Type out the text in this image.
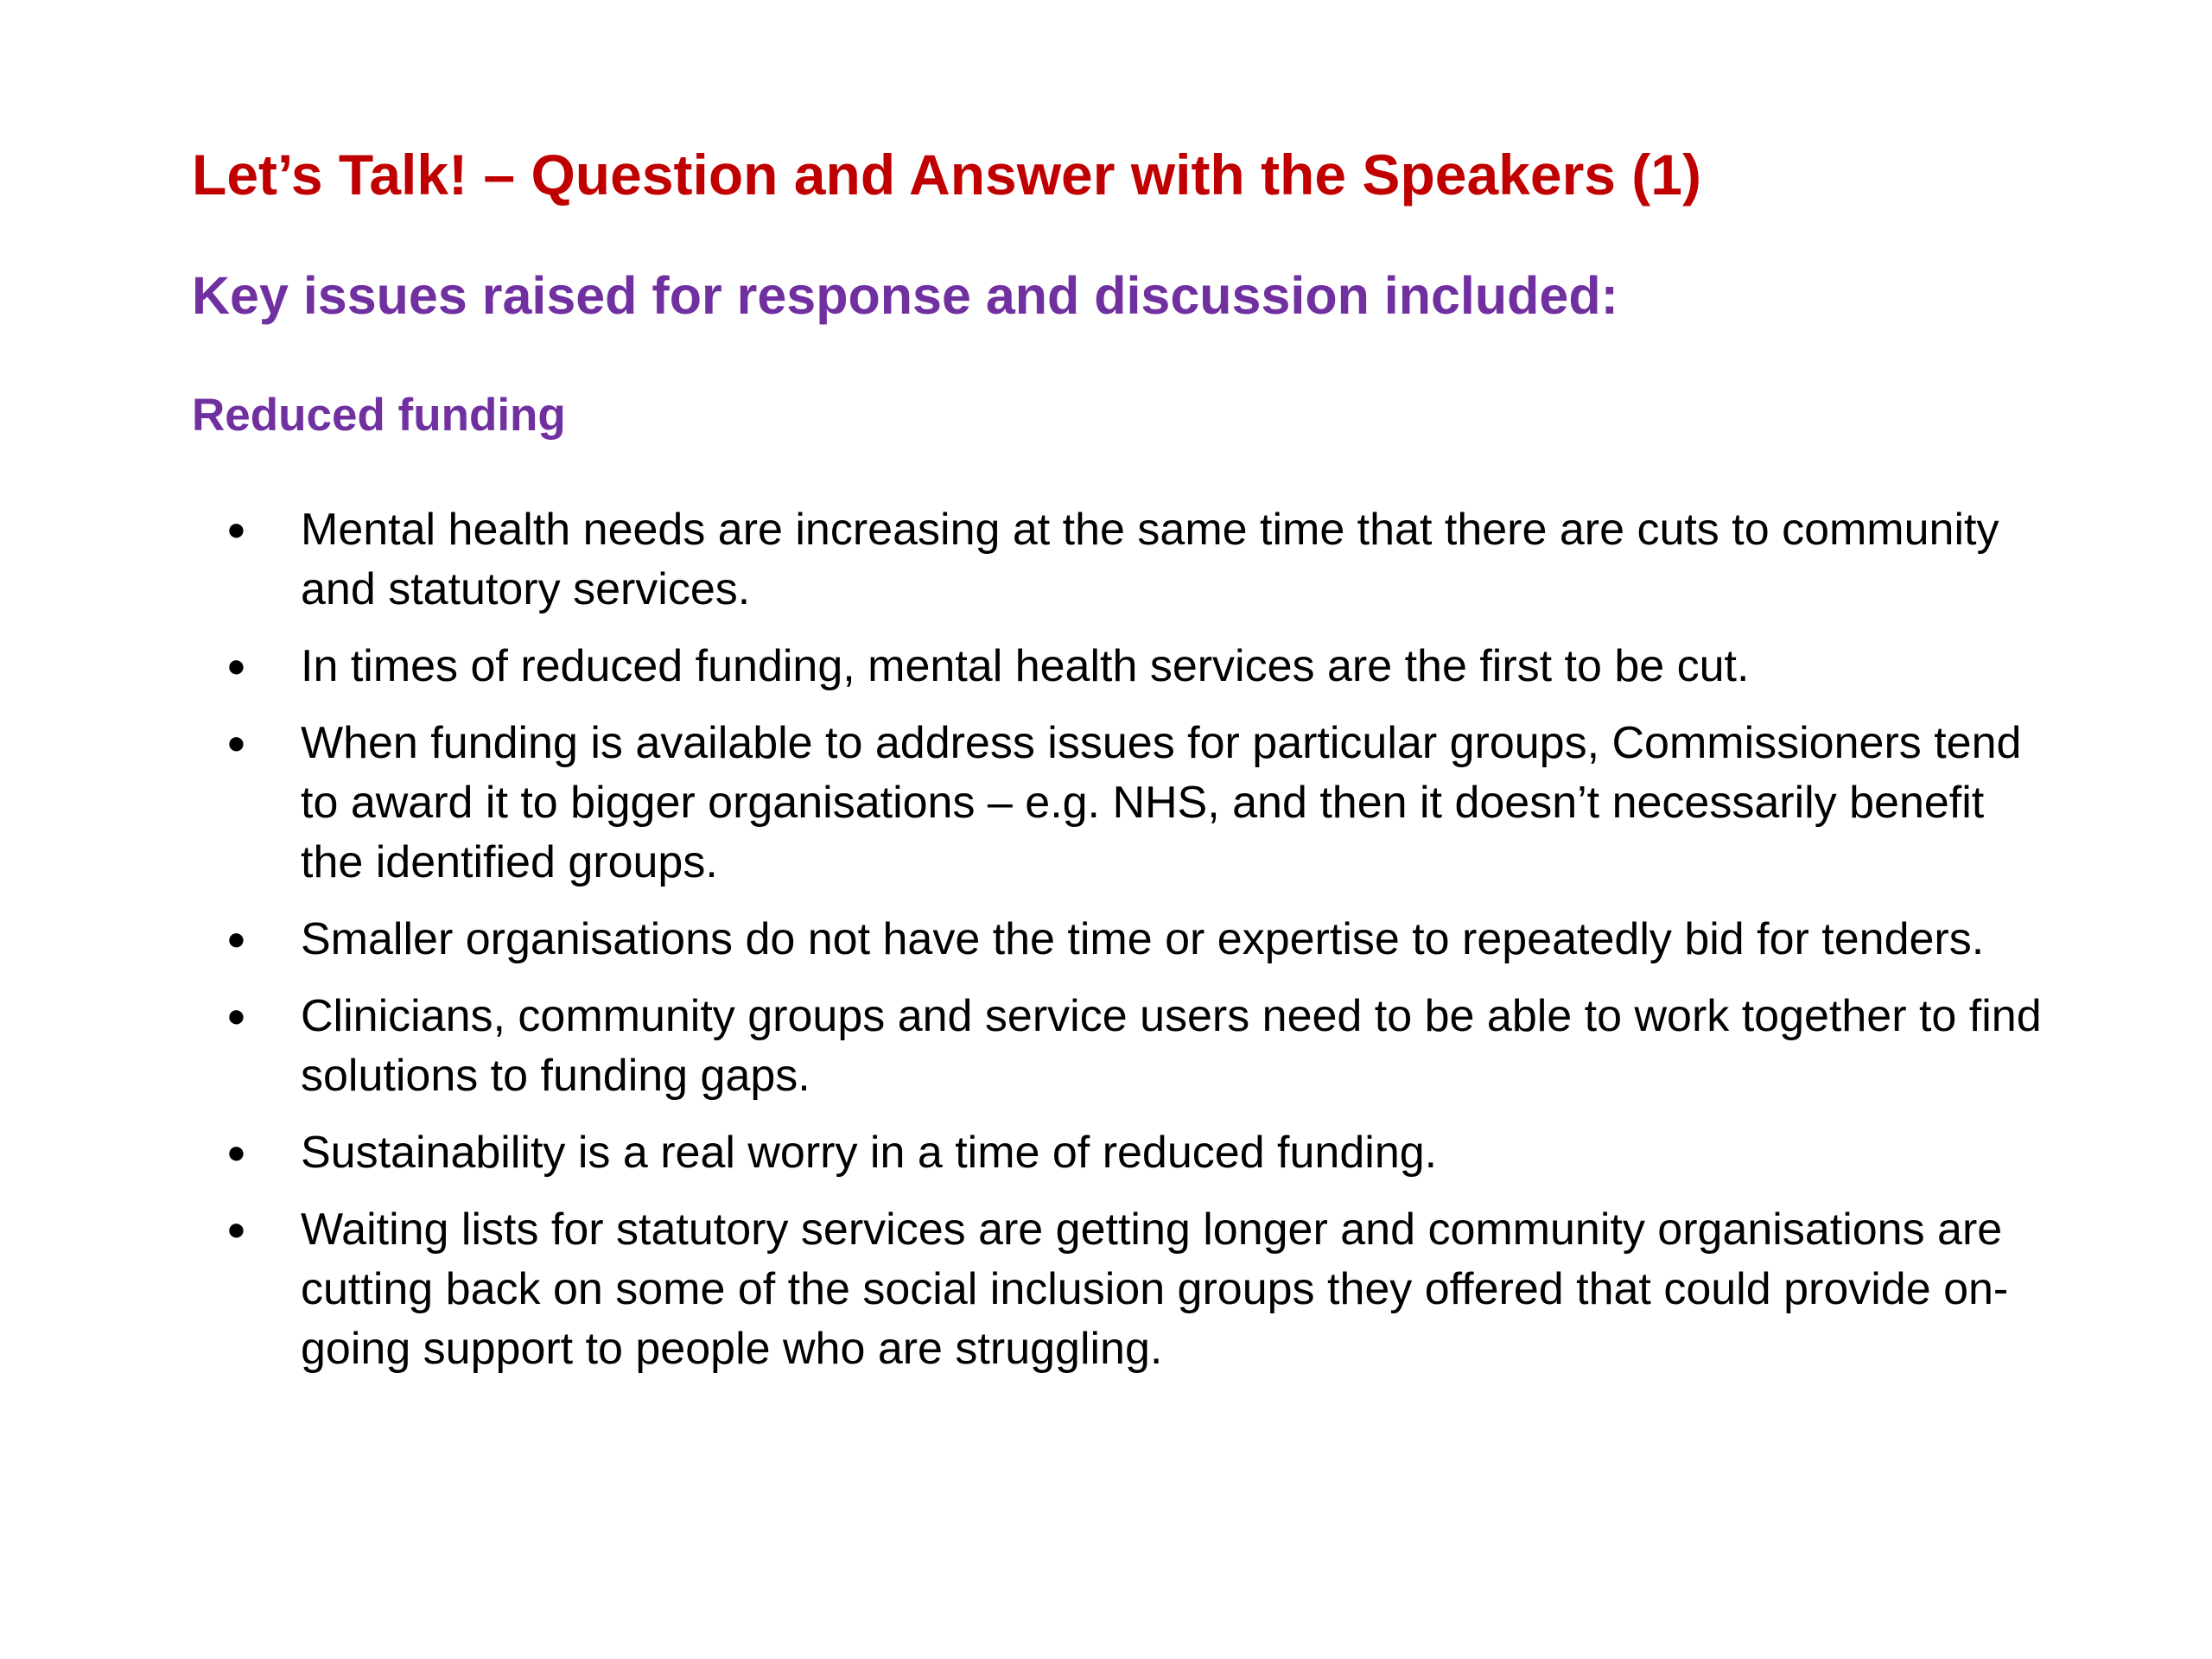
Let’s Talk! – Question and Answer with the Speakers (1)
Key issues raised for response and discussion included:
Reduced funding
●	Mental health needs are increasing at the same time that there are cuts to community and statutory services.
●	In times of reduced funding, mental health services are the first to be cut.
●	When funding is available to address issues for particular groups, Commissioners tend to award it to bigger organisations – e.g. NHS, and then it doesn’t necessarily benefit the identified groups.
●	Smaller organisations do not have the time or expertise to repeatedly bid for tenders.
●	Clinicians, community groups and service users need to be able to work together to find solutions to funding gaps.
●	Sustainability is a real worry in a time of reduced funding.
●	Waiting lists for statutory services are getting longer and community organisations are cutting back on some of the social inclusion groups they offered that could provide on-going support to people who are struggling.
